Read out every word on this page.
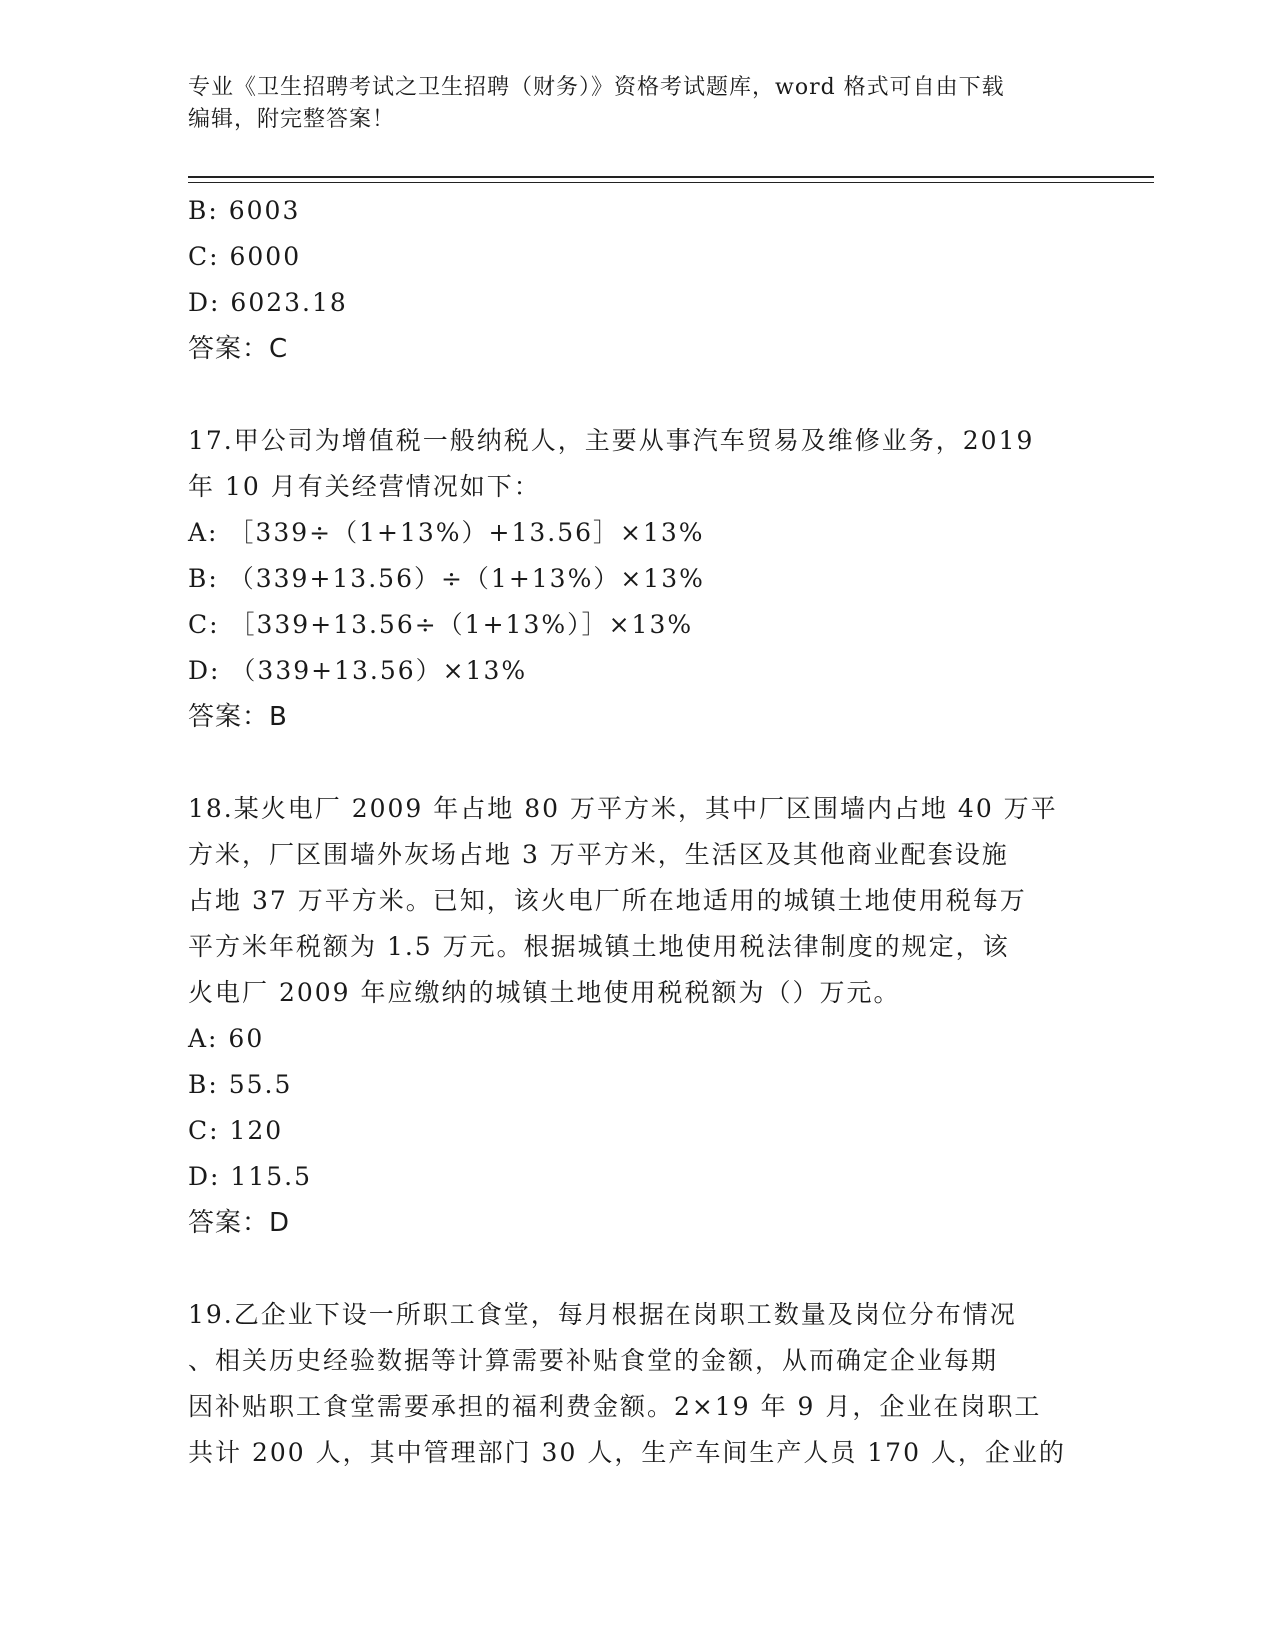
专业《卫生招聘考试之卫生招聘（财务）》资格考试题库，word 格式可自由下载
编辑，附完整答案！
B: 6003
C: 6000
D: 6023.18
答案：C
17.甲公司为增值税一般纳税人，主要从事汽车贸易及维修业务，2019
年 10 月有关经营情况如下：
A: ［339÷（1+13%）+13.56］×13%
B: （339+13.56）÷（1+13%）×13%
C: ［339+13.56÷（1+13%）］×13%
D: （339+13.56）×13%
答案：B
18.某火电厂 2009 年占地 80 万平方米，其中厂区围墙内占地 40 万平
方米，厂区围墙外灰场占地 3 万平方米，生活区及其他商业配套设施
占地 37 万平方米。已知，该火电厂所在地适用的城镇土地使用税每万
平方米年税额为 1.5 万元。根据城镇土地使用税法律制度的规定，该
火电厂 2009 年应缴纳的城镇土地使用税税额为（）万元。
A: 60
B: 55.5
C: 120
D: 115.5
答案：D
19.乙企业下设一所职工食堂，每月根据在岗职工数量及岗位分布情况
、相关历史经验数据等计算需要补贴食堂的金额，从而确定企业每期
因补贴职工食堂需要承担的福利费金额。2×19 年 9 月，企业在岗职工
共计 200 人，其中管理部门 30 人，生产车间生产人员 170 人，企业的
